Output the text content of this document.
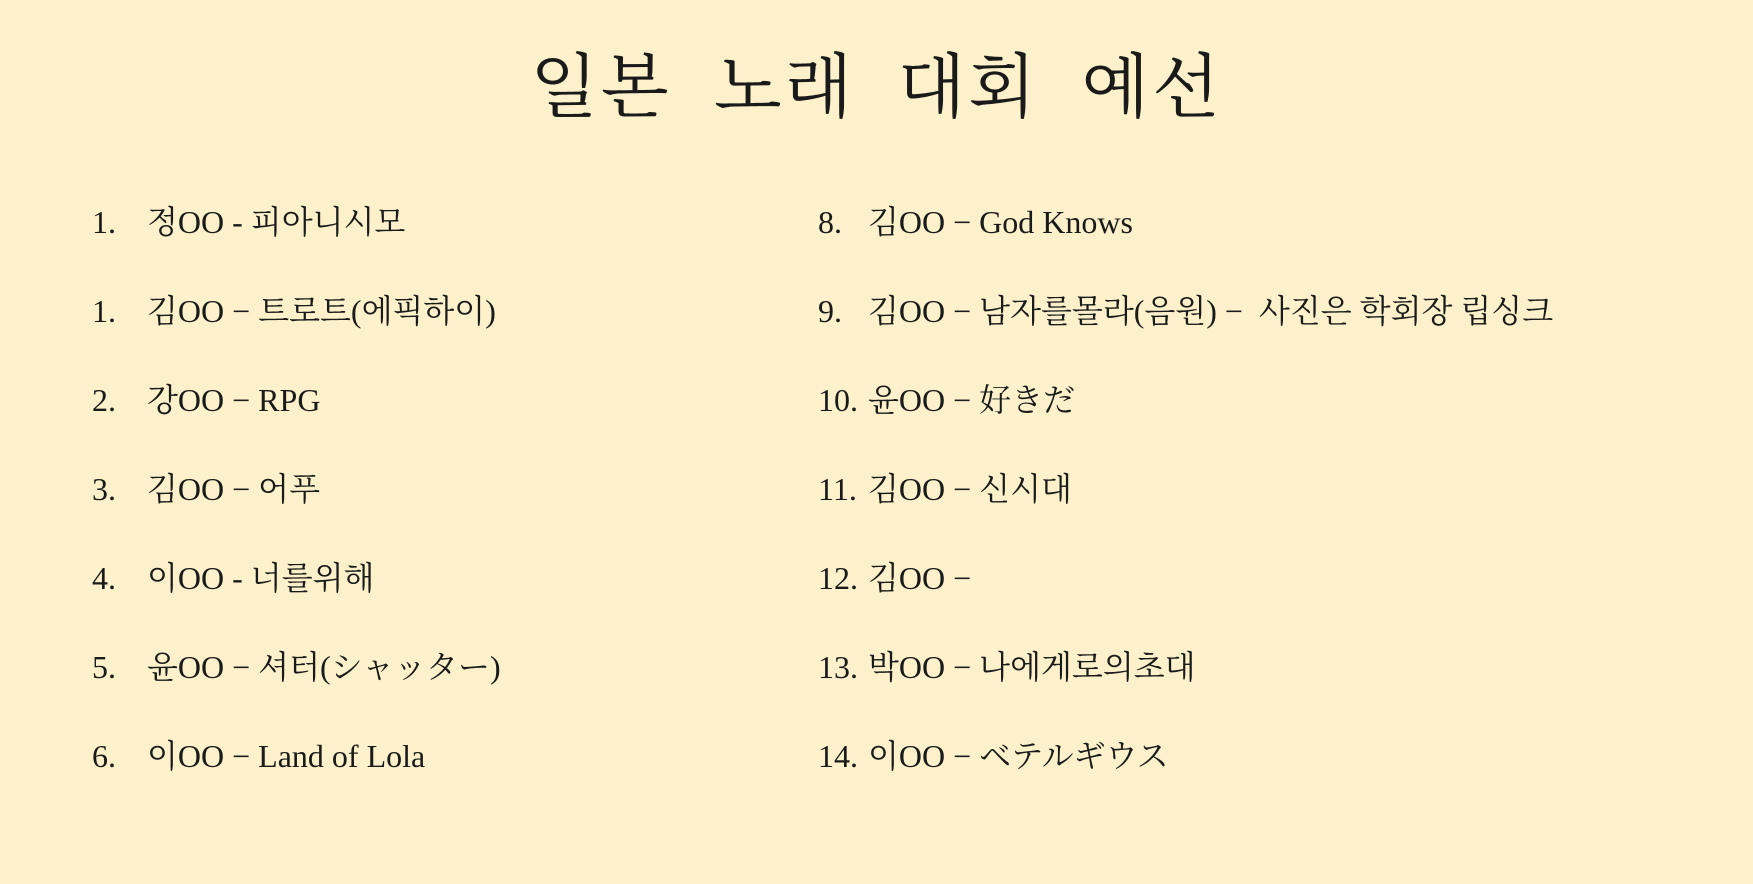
일본 노래 대회 예선
1. 정OO - 피아니시모
1. 김OO − 트로트(에픽하이)
2. 강OO − RPG
3. 김OO − 어푸
4. 이OO - 너를위해
5. 윤OO − 셔터(シャッター)
6. 이OO − Land of Lola
8. 김OO − God Knows
9. 김OO − 남자를몰라(음원) −  사진은 학회장 립싱크
10. 윤OO − 好きだ
11. 김OO − 신시대
12. 김OO −
13. 박OO − 나에게로의초대
14. 이OO − ベテルギウス
